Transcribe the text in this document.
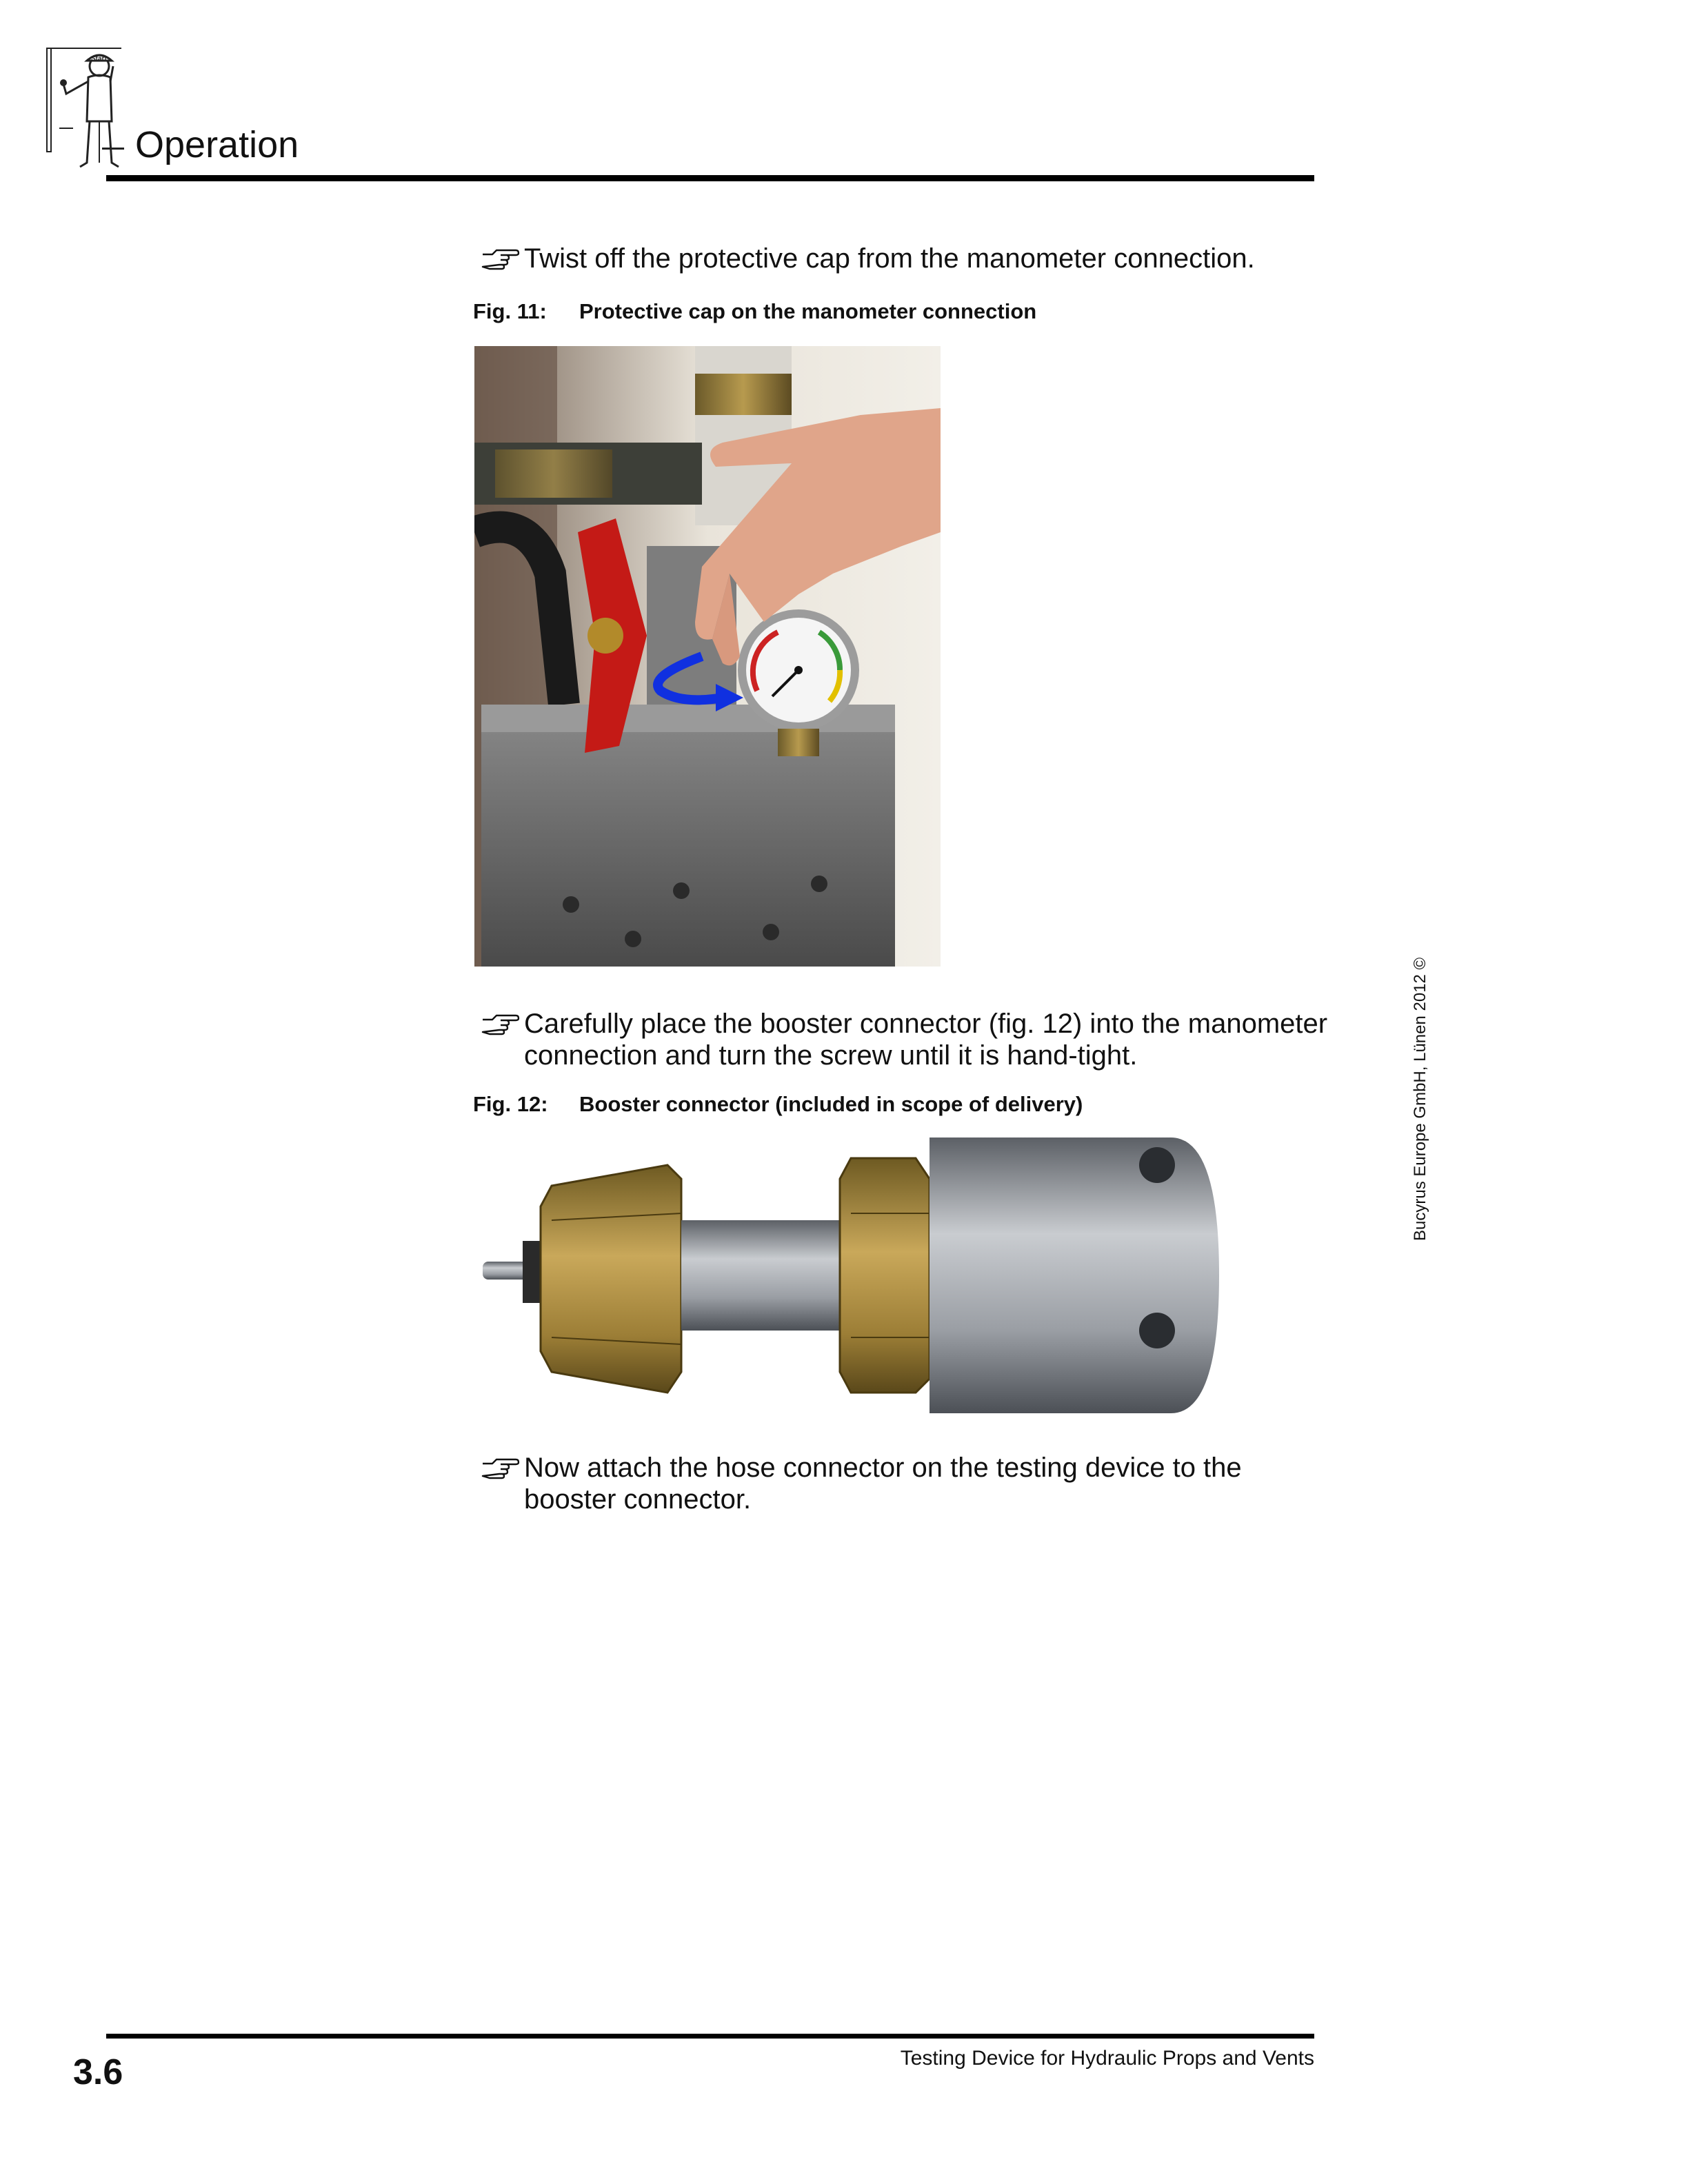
Start
Operation
Twist off the protective cap from the manometer connection.
Fig. 11: Protective cap on the manometer connection
Carefully place the booster connector (fig. 12) into the manometer connection and turn the screw until it is hand-tight.
Fig. 12: Booster connector (included in scope of delivery)
Now attach the hose connector on the testing device to the booster connector.
Bucyrus Europe GmbH, Lünen 2012 ©
3.6	Testing Device for Hydraulic Props and Vents
